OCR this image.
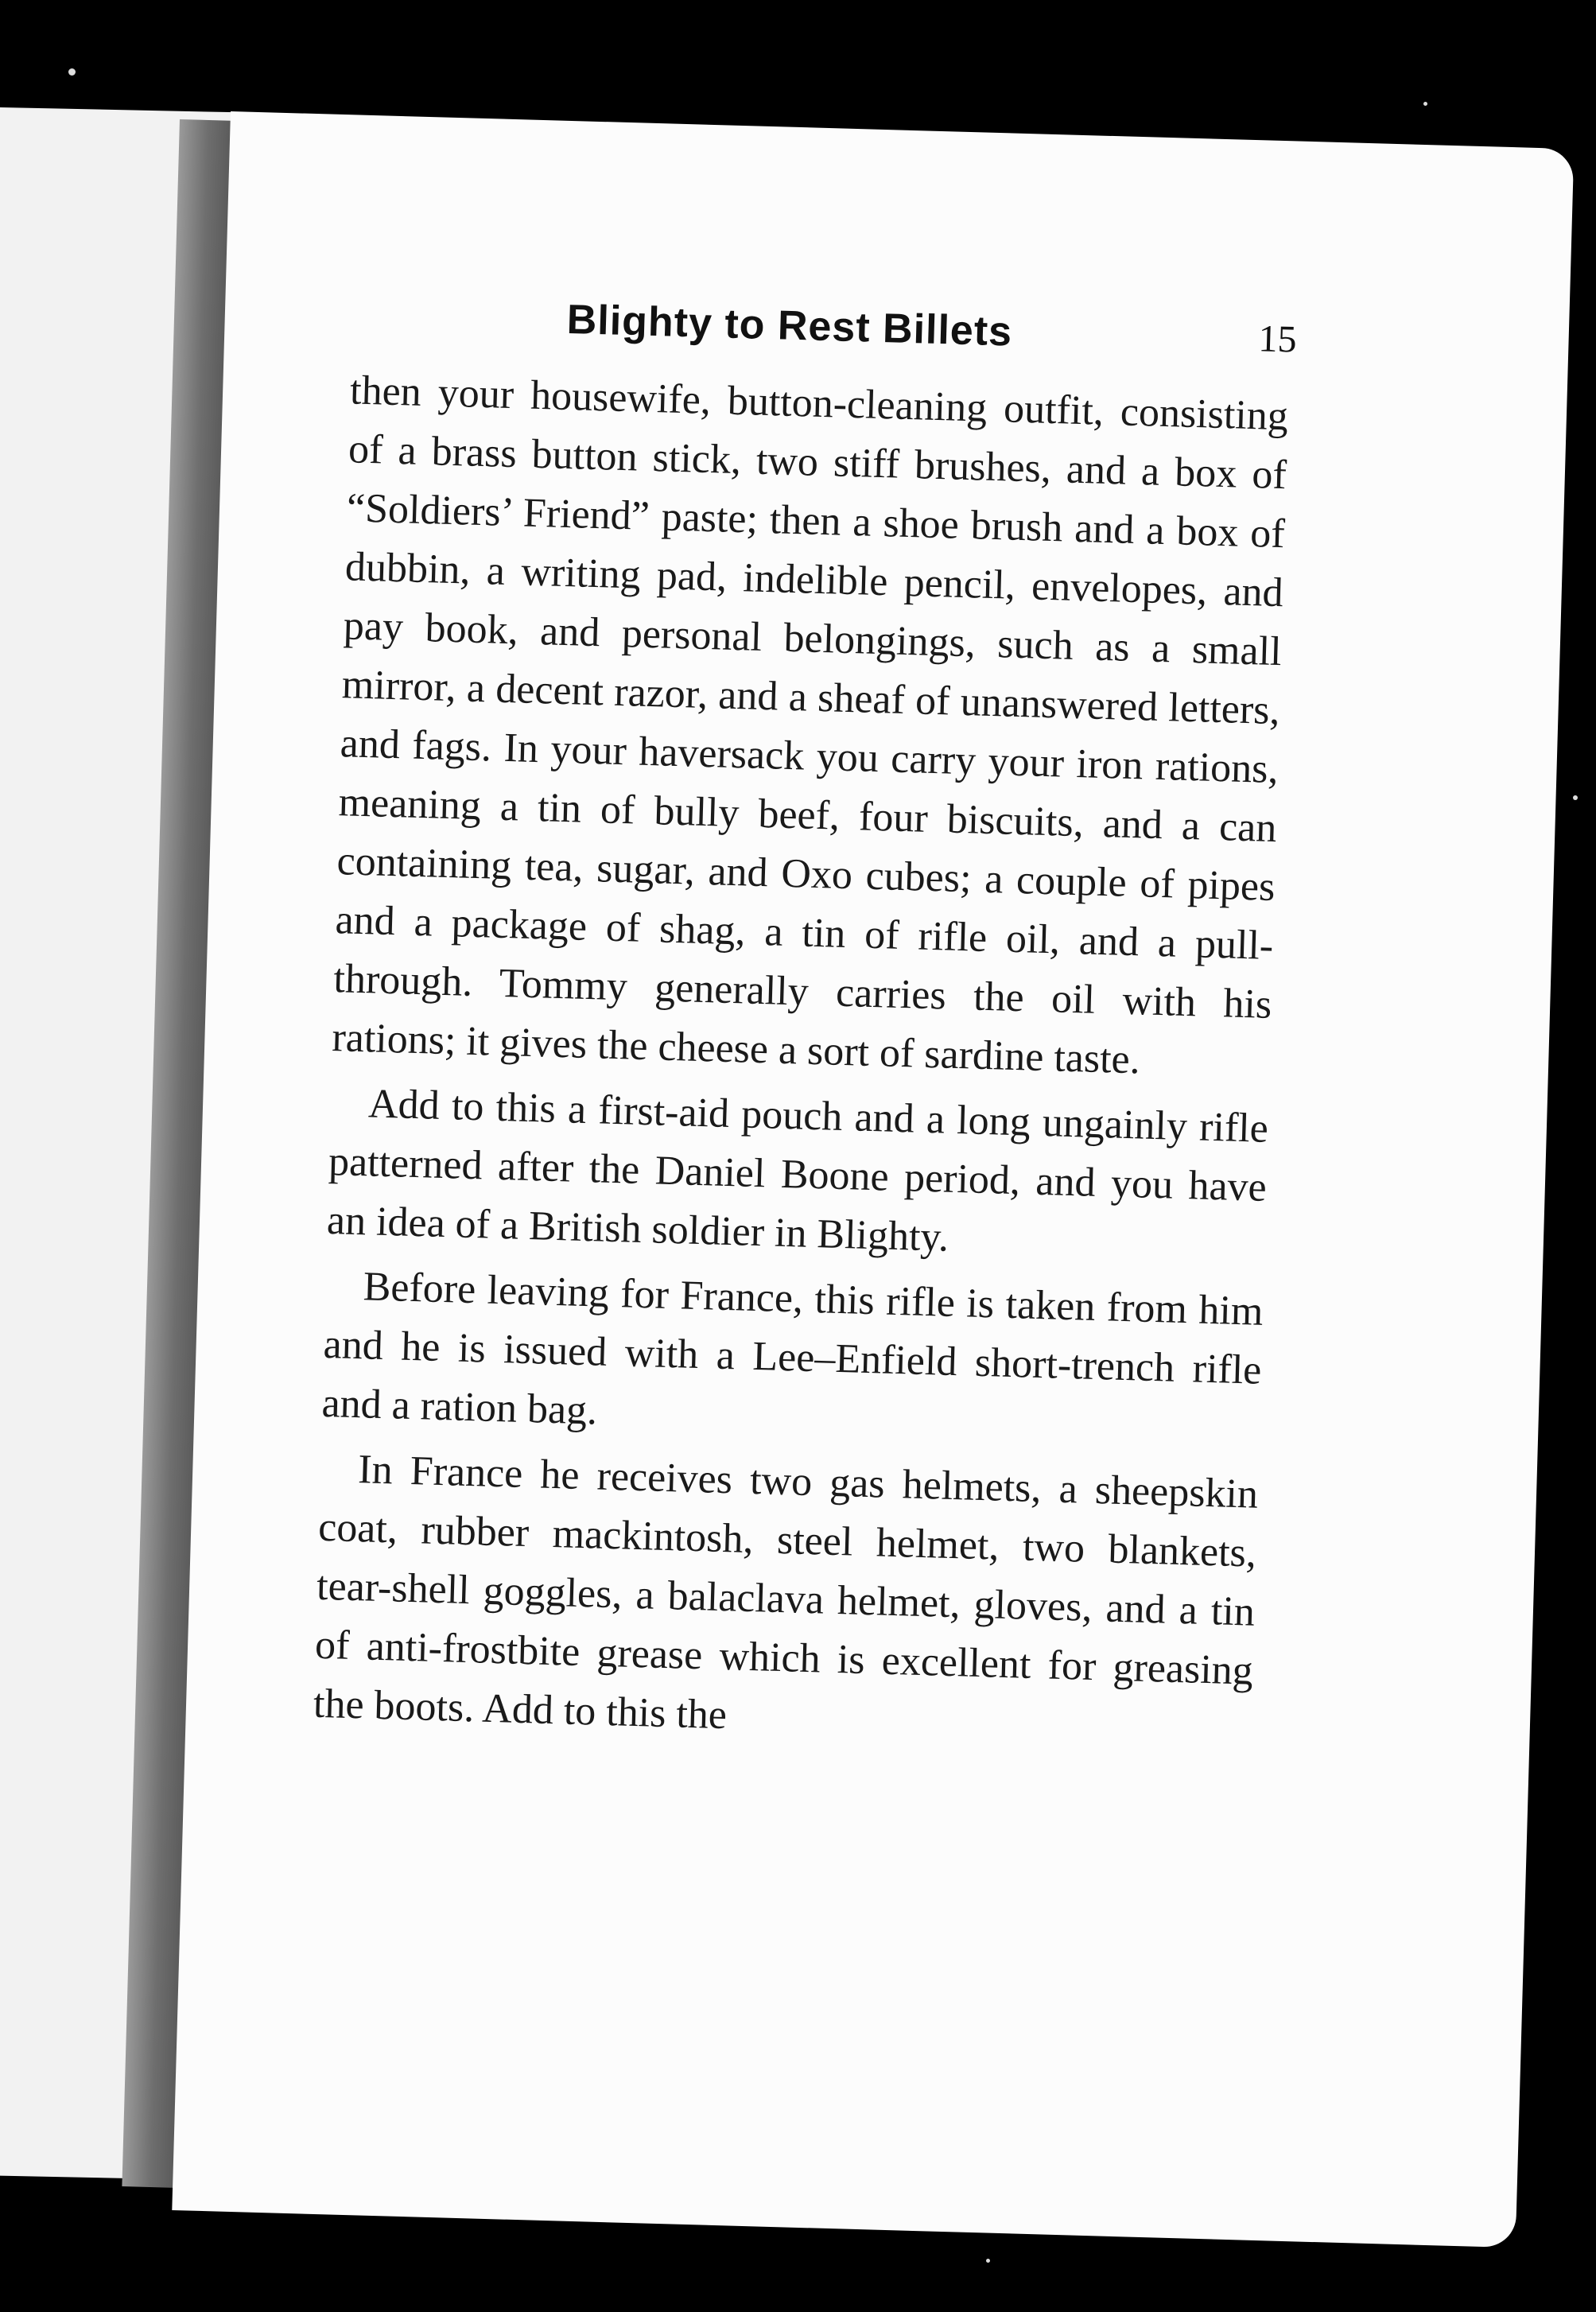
Blighty to Rest Billets	15

then your housewife, button-cleaning outfit, consisting of a brass button stick, two stiff brushes, and a box of “Soldiers’ Friend” paste; then a shoe brush and a box of dubbin, a writing pad, indelible pencil, envelopes, and pay book, and personal belongings, such as a small mirror, a decent razor, and a sheaf of unanswered letters, and fags. In your haversack you carry your iron rations, meaning a tin of bully beef, four biscuits, and a can containing tea, sugar, and Oxo cubes; a couple of pipes and a package of shag, a tin of rifle oil, and a pull-through. Tommy generally carries the oil with his rations; it gives the cheese a sort of sardine taste.

Add to this a first-aid pouch and a long ungainly rifle patterned after the Daniel Boone period, and you have an idea of a British soldier in Blighty.

Before leaving for France, this rifle is taken from him and he is issued with a Lee–Enfield short-trench rifle and a ration bag.

In France he receives two gas helmets, a sheepskin coat, rubber mackintosh, steel helmet, two blankets, tear-shell goggles, a balaclava helmet, gloves, and a tin of anti-frostbite grease which is excellent for greasing the boots. Add to this the
